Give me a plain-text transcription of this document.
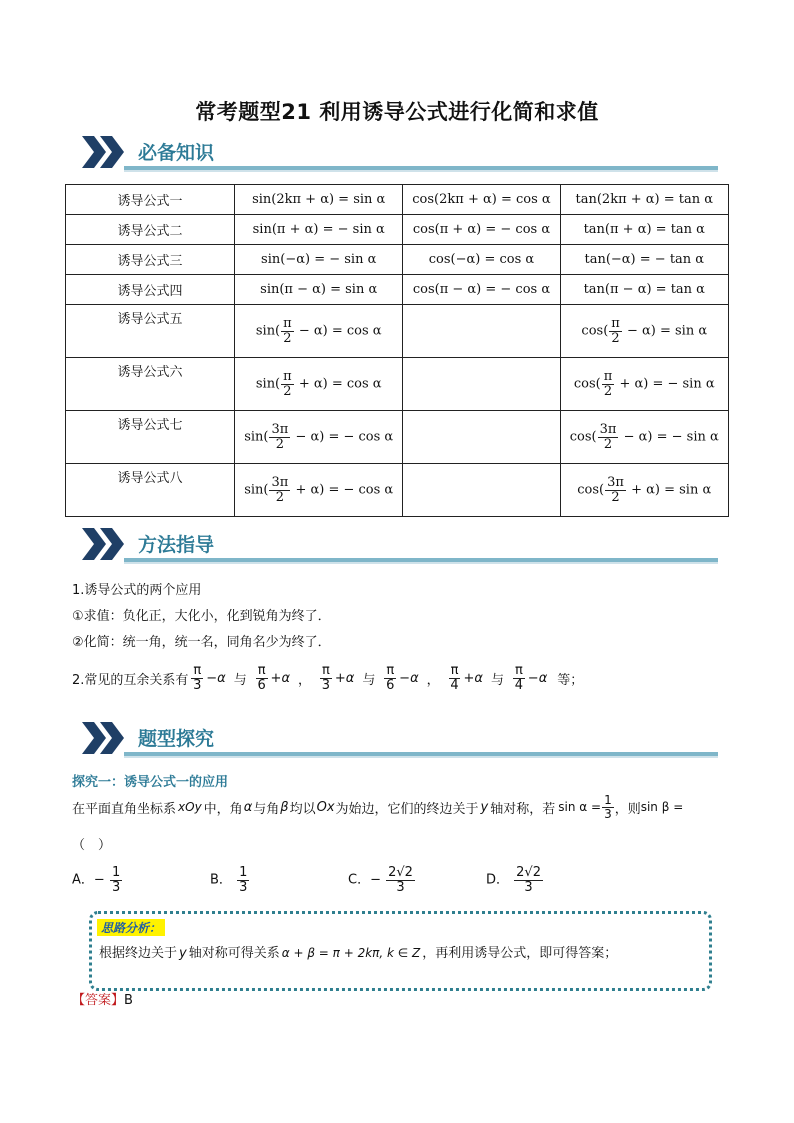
常考题型21 利用诱导公式进行化简和求值
必备知识
诱导公式一	sin(2kπ + α) = sin α	cos(2kπ + α) = cos α	tan(2kπ + α) = tan α
诱导公式二	sin(π + α) = − sin α	cos(π + α) = − cos α	tan(π + α) = tan α
诱导公式三	sin(−α) = − sin α	cos(−α) = cos α	tan(−α) = − tan α
诱导公式四	sin(π − α) = sin α	cos(π − α) = − cos α	tan(π − α) = tan α
诱导公式五	$\sin( \frac{\pi}{2} - \alpha) = \cos \alpha$		$\cos( \frac{\pi}{2} - \alpha) = \sin \alpha$
诱导公式六	$\sin( \frac{\pi}{2} + \alpha) = \cos \alpha$		$\cos( \frac{\pi}{2} + \alpha)$ = − sin α
诱导公式七	$\sin( \frac{3\pi}{2} - \alpha)$ = − cos α		$\cos( \frac{3\pi}{2} - \alpha)$ = − sin α
诱导公式八	$\sin( \frac{3\pi}{2} + \alpha)$ = − cos α		$\cos( \frac{3\pi}{2} + \alpha) = \sin \alpha$
方法指导
1.诱导公式的两个应用
①求值：负化正，大化小，化到锐角为终了．
②化简：统一角，统一名，同角名少为终了．
2.常见的互余关系有 $\frac{\pi}{3} -\alpha$ 与 $\frac{\pi}{6} +\alpha$ ， $\frac{\pi}{3} +\alpha$ 与 $\frac{\pi}{6} -\alpha$ ， $\frac{\pi}{4} +\alpha$ 与 $\frac{\pi}{4} -\alpha$ 等；
题型探究
探究一：诱导公式一的应用
在平面直角坐标系 xOy 中，角 α 与角 β 均以 Ox 为始边，它们的终边关于 y 轴对称，若 $\sin \alpha = \frac{1}{3}$ ，则 sin β =
（　）
A．− $\frac{1}{3}$	B． $\frac{1}{3}$	C．− $\frac{2√2}{3}$	D． $\frac{2√2}{3}$
思路分析：
根据终边关于 y 轴对称可得关系 α + β = π + 2kπ, k ∈ Z ，再利用诱导公式，即可得答案；
【答案】B
